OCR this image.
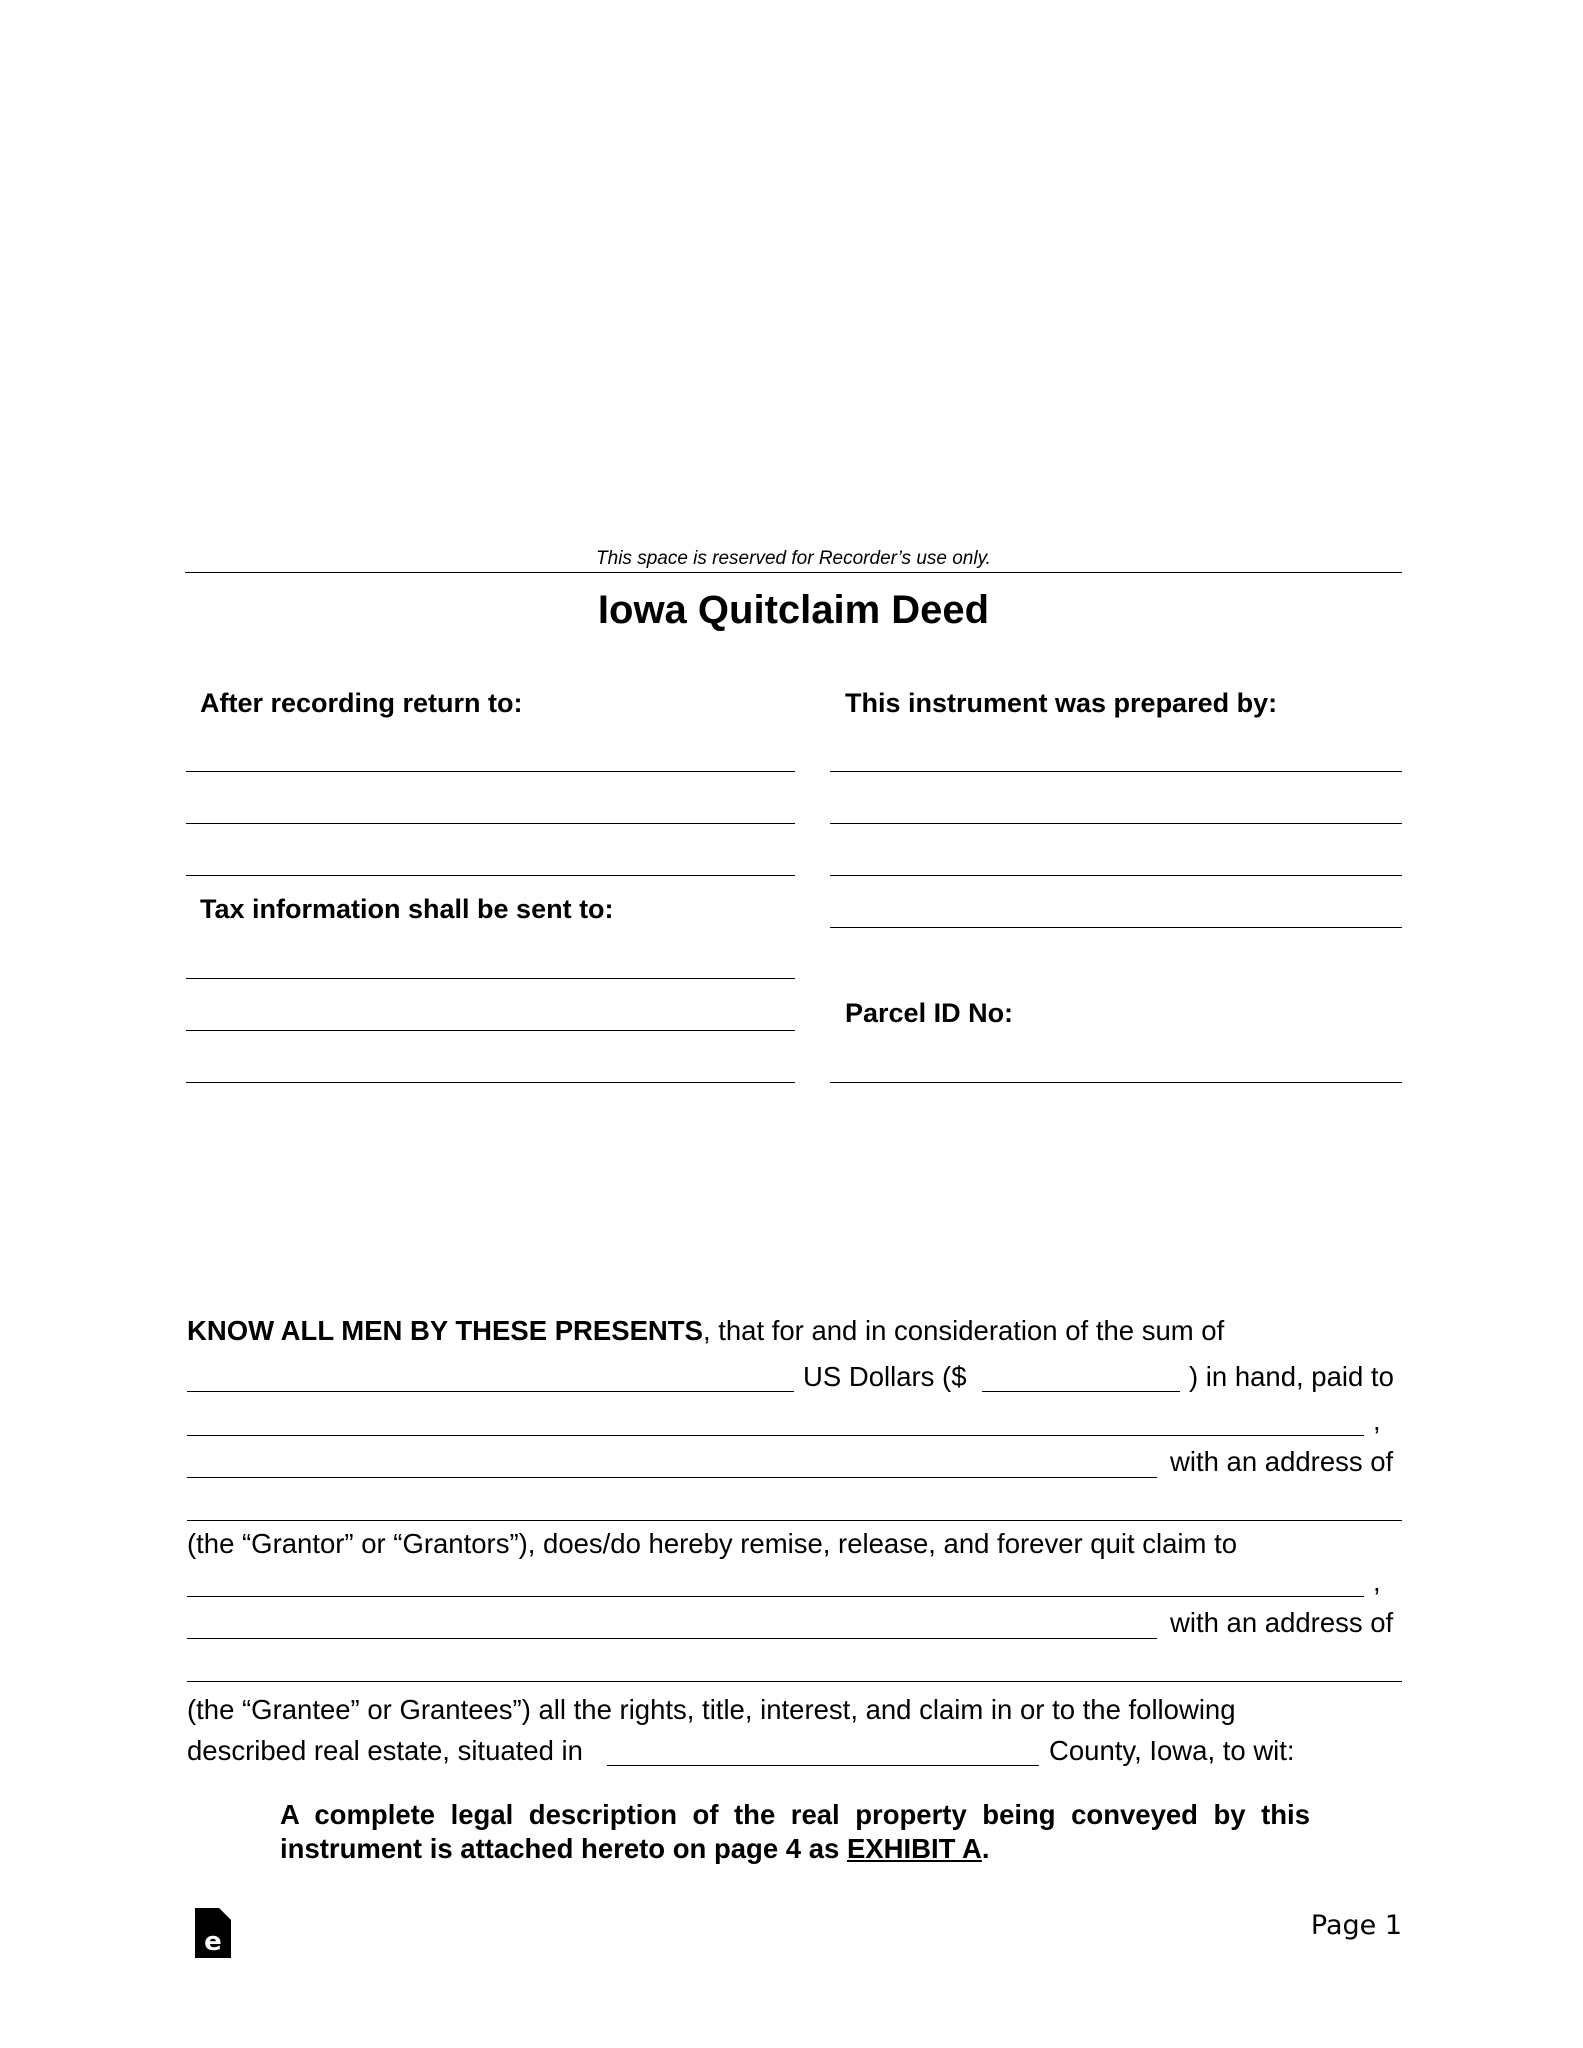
This space is reserved for Recorder’s use only.
Iowa Quitclaim Deed
After recording return to:	This instrument was prepared by:
Tax information shall be sent to:
Parcel ID No:
KNOW ALL MEN BY THESE PRESENTS, that for and in consideration of the sum of
US Dollars ($	) in hand, paid to
,
with an address of
(the “Grantor” or “Grantors”), does/do hereby remise, release, and forever quit claim to
,
with an address of
(the “Grantee” or Grantees”) all the rights, title, interest, and claim in or to the following
described real estate, situated in	County, Iowa, to wit:
A complete legal description of the real property being conveyed by this instrument is attached hereto on page 4 as EXHIBIT A.
e
Page 1
